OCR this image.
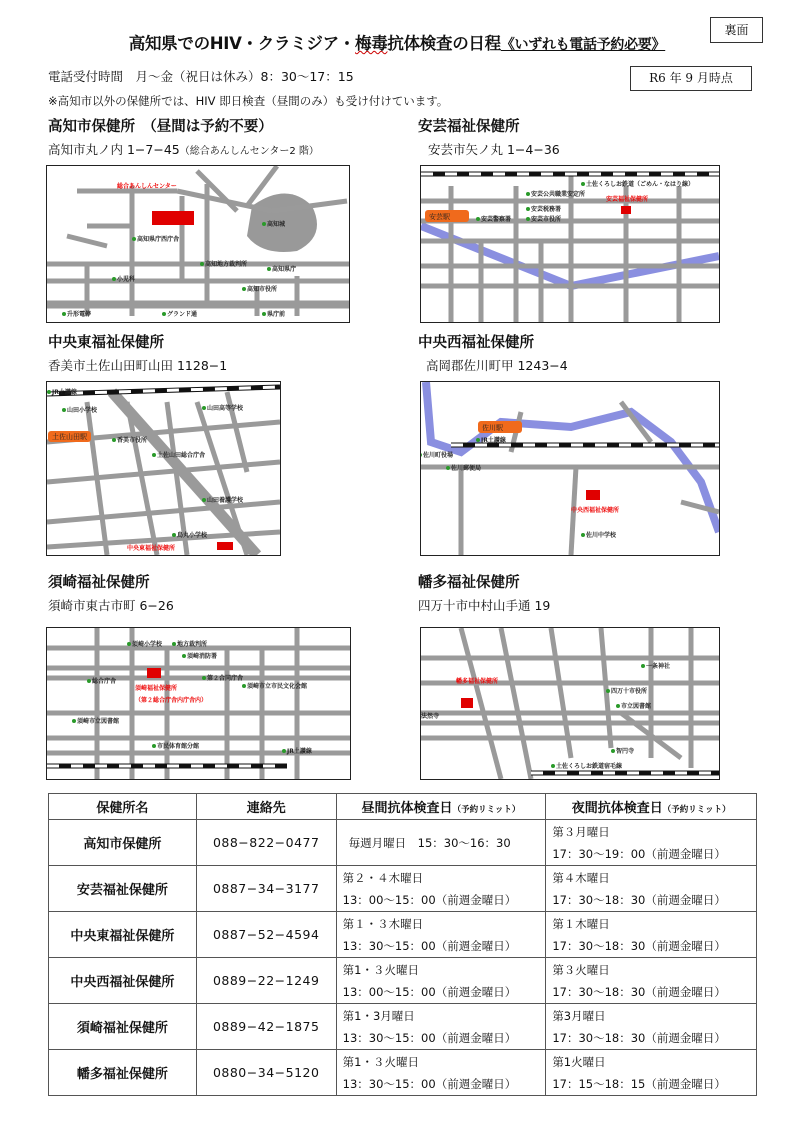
高知県でのHIV・クラミジア・梅毒抗体検査の日程《いずれも電話予約必要》
裏面
電話受付時間　月～金（祝日は休み）8：30～17：15	R6 年 9 月時点
※高知市以外の保健所では、HIV 即日検査（昼間のみ）も受け付けています。
高知市保健所　 （昼間は予約不要）
高知市丸ノ内 1−7−45（総合あんしんセンター2 階）
安芸福祉保健所
安芸市矢ノ丸 1−4−36
中央東福祉保健所
香美市土佐山田町山田 1128−1
中央西福祉保健所
高岡郡佐川町甲 1243−4
須崎福祉保健所
須崎市東古市町 6−26
幡多福祉保健所
四万十市中村山手通 19
総合あんしんセンター
高知城
高知県庁西庁舎
高知地方裁判所
高知県庁
小児科
高知市役所
升形電停	グランド通	県庁前
安芸駅
土佐くろしお鉄道（ごめん・なはり線）
安芸公共職業安定所
安芸税務署
安芸福祉保健所
安芸警察署	安芸市役所
土佐山田駅
JR土讃線
山田小学校	山田高等学校
香美市役所
土佐山田総合庁舎
山田養護学校
鳥丸小学校
中央東福祉保健所
佐川駅
JR土讃線
佐川町役場
佐川郵便局
中央西福祉保健所
佐川中学校
須崎小学校 地方裁判所
須崎消防署
総合庁舎	第２合同庁舎
須崎福祉保健所
（第２総合庁舎内庁舎内）
須崎市立市民文化会館
須崎市立図書館
市民体育館分館
JR土讃線
一条神社
幡多福祉保健所
法然寺
四万十市役所
市立図書館
智円寺
土佐くろしお鉄道宿毛線
保健所名	連絡先	昼間抗体検査日（予約リミット）	夜間抗体検査日（予約リミット）
高知市保健所	088−822−0477	毎週月曜日　15：30～16：30	第３月曜日
17：30～19：00（前週金曜日）

安芸福祉保健所	0887−34−3177	第２・４木曜日
13：00～15：00（前週金曜日）	第４木曜日
17：30～18：30（前週金曜日）

中央東福祉保健所	0887−52−4594	第１・３木曜日
13：30～15：00（前週金曜日）	第１木曜日
17：30～18：30（前週金曜日）

中央西福祉保健所	0889−22−1249	第1・３火曜日
13：00～15：00（前週金曜日）	第３火曜日
17：30～18：30（前週金曜日）

須崎福祉保健所	0889−42−1875	第1・3月曜日
13：30～15：00（前週金曜日）	第3月曜日
17：30～18：30（前週金曜日）

幡多福祉保健所	0880−34−5120	第1・３火曜日
13：30～15：00（前週金曜日）	第1火曜日
17：15～18：15（前週金曜日）
